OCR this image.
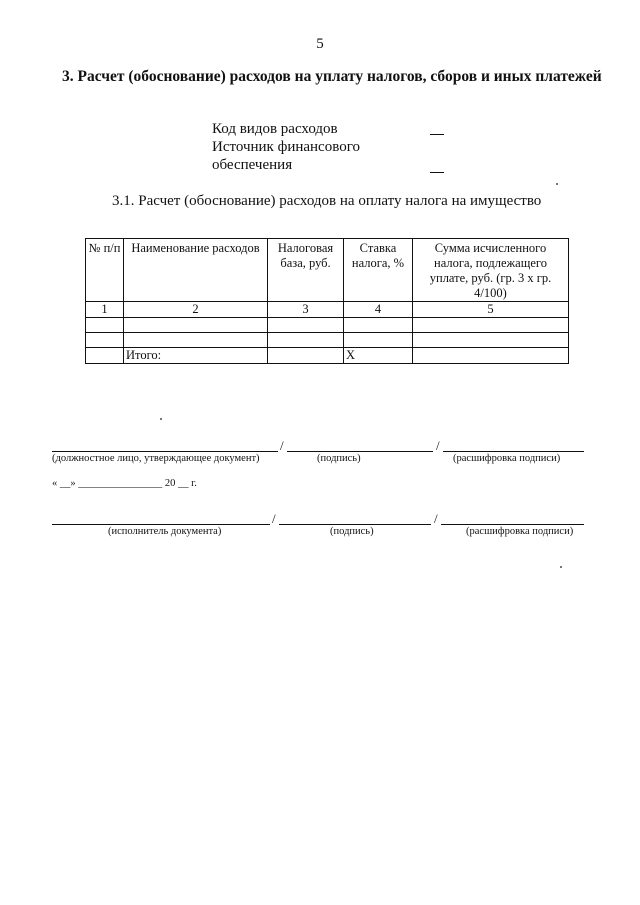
5
3. Расчет (обоснование) расходов на уплату налогов, сборов и иных платежей
Код видов расходов
Источник финансового
обеспечения
3.1. Расчет (обоснование) расходов на оплату налога на имущество
№ п/п	Наименование расходов	Налоговая база, руб.	Ставка налога, %	Сумма исчисленного налога, подлежащего уплате, руб. (гр. 3 х гр. 4/100)
1	2	3	4	5

	Итого:		X	
/	/
(должностное лицо, утверждающее документ)	(подпись)	(расшифровка подписи)
« __» ________________ 20 __ г.
/	/
(исполнитель документа)	(подпись)	(расшифровка подписи)
